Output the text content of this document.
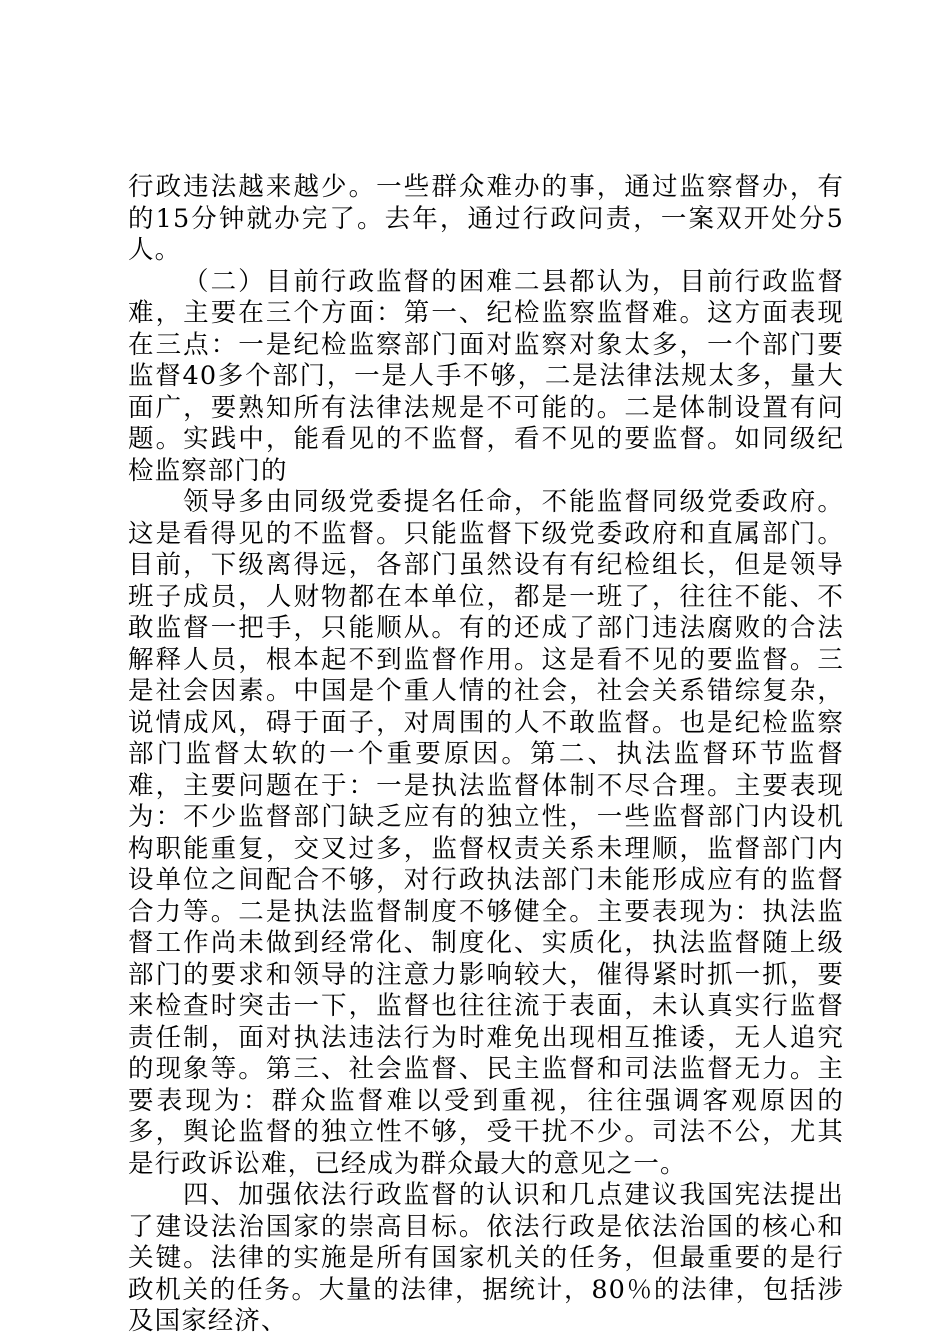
行政违法越来越少。一些群众难办的事，通过监察督办，有的15分钟就办完了。去年，通过行政问责，一案双开处分5人。

（二）目前行政监督的困难二县都认为，目前行政监督难，主要在三个方面：第一、纪检监察监督难。这方面表现在三点：一是纪检监察部门面对监察对象太多，一个部门要监督40多个部门，一是人手不够，二是法律法规太多，量大面广，要熟知所有法律法规是不可能的。二是体制设置有问题。实践中，能看见的不监督，看不见的要监督。如同级纪检监察部门的

领导多由同级党委提名任命，不能监督同级党委政府。这是看得见的不监督。只能监督下级党委政府和直属部门。目前，下级离得远，各部门虽然设有有纪检组长，但是领导班子成员，人财物都在本单位，都是一班了，往往不能、不敢监督一把手，只能顺从。有的还成了部门违法腐败的合法解释人员，根本起不到监督作用。这是看不见的要监督。三是社会因素。中国是个重人情的社会，社会关系错综复杂，说情成风，碍于面子，对周围的人不敢监督。也是纪检监察部门监督太软的一个重要原因。第二、执法监督环节监督难，主要问题在于：一是执法监督体制不尽合理。主要表现为：不少监督部门缺乏应有的独立性，一些监督部门内设机构职能重复，交叉过多，监督权责关系未理顺，监督部门内设单位之间配合不够，对行政执法部门未能形成应有的监督合力等。二是执法监督制度不够健全。主要表现为：执法监督工作尚未做到经常化、制度化、实质化，执法监督随上级部门的要求和领导的注意力影响较大，催得紧时抓一抓，要来检查时突击一下，监督也往往流于表面，未认真实行监督责任制，面对执法违法行为时难免出现相互推诿，无人追究的现象等。第三、社会监督、民主监督和司法监督无力。主要表现为：群众监督难以受到重视，往往强调客观原因的多，舆论监督的独立性不够，受干扰不少。司法不公，尤其是行政诉讼难，已经成为群众最大的意见之一。

四、加强依法行政监督的认识和几点建议我国宪法提出了建设法治国家的崇高目标。依法行政是依法治国的核心和关键。法律的实施是所有国家机关的任务，但最重要的是行政机关的任务。大量的法律，据统计，80％的法律，包括涉及国家经济、
